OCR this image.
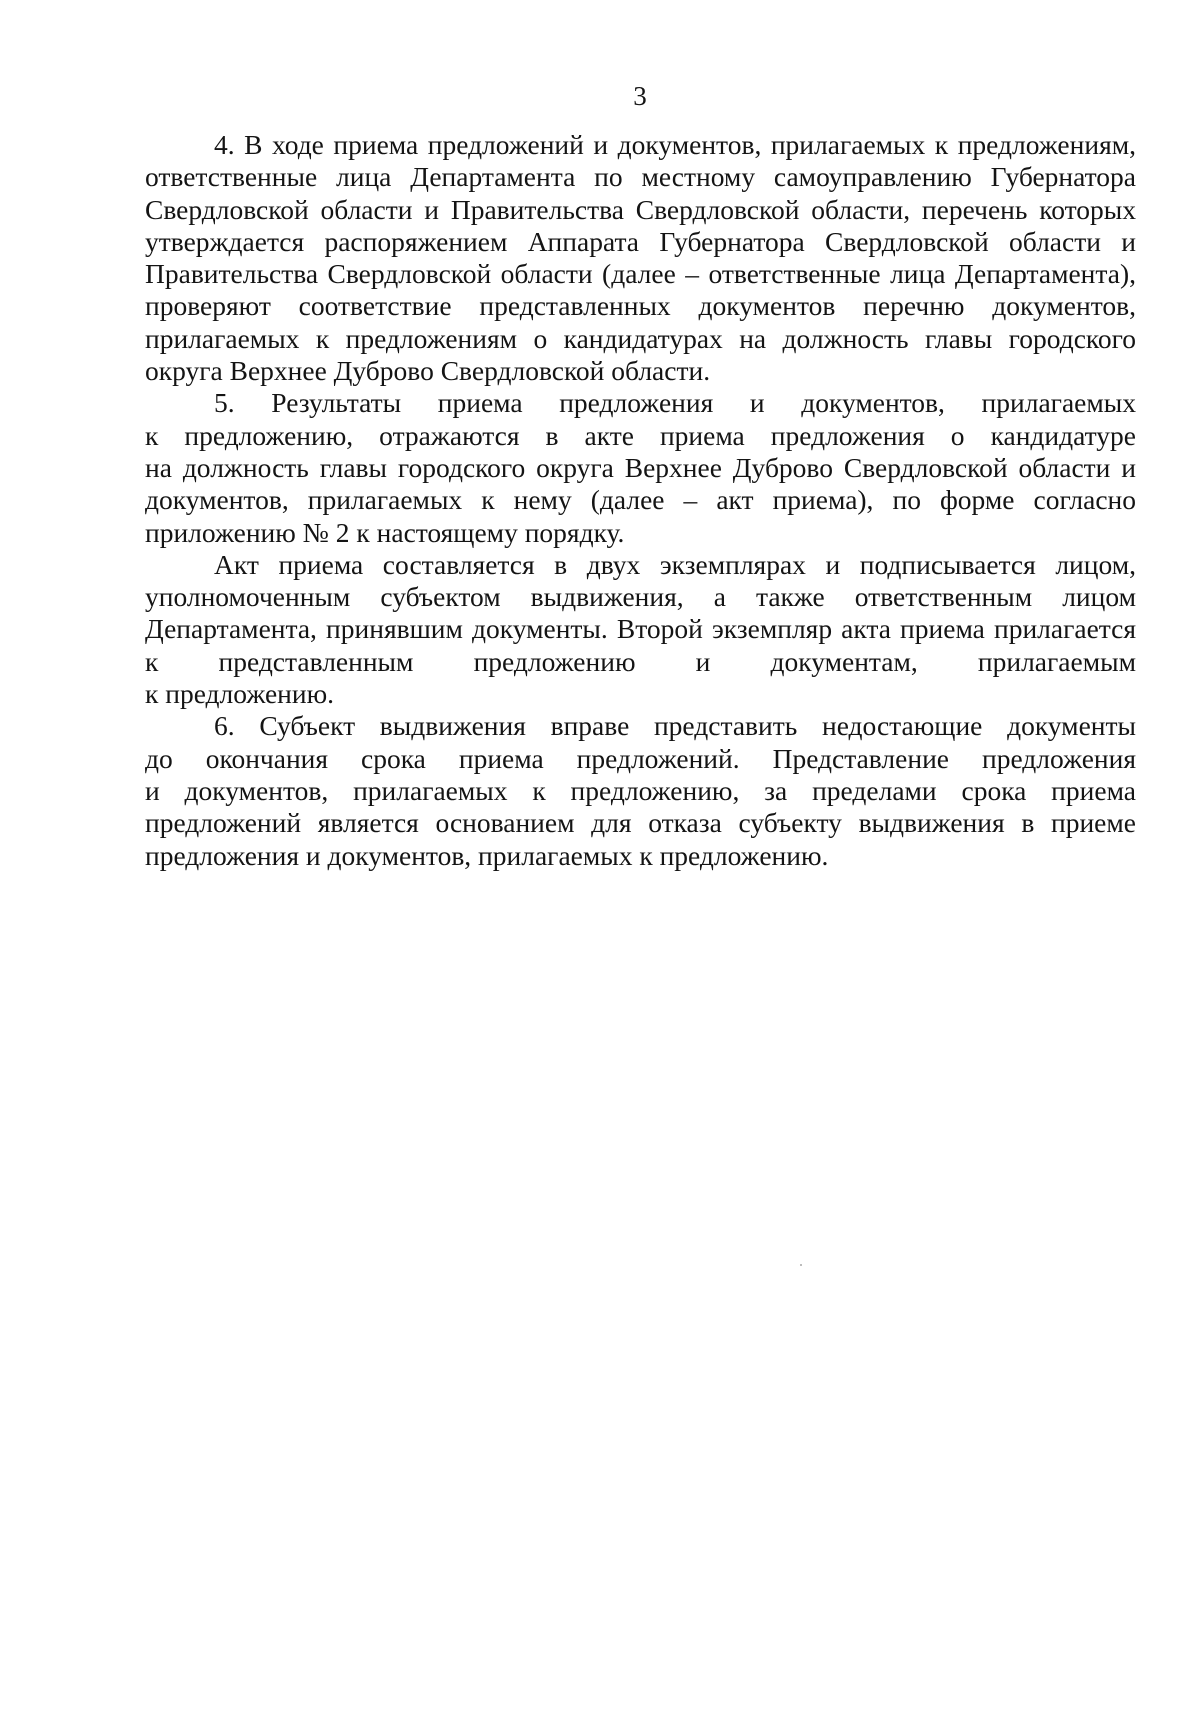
3

4. В ходе приема предложений и документов, прилагаемых к предложениям,
ответственные лица Департамента по местному самоуправлению Губернатора
Свердловской области и Правительства Свердловской области, перечень которых
утверждается распоряжением Аппарата Губернатора Свердловской области и
Правительства Свердловской области (далее – ответственные лица Департамента),
проверяют соответствие представленных документов перечню документов,
прилагаемых к предложениям о кандидатурах на должность главы городского
округа Верхнее Дуброво Свердловской области.

5. Результаты приема предложения и документов, прилагаемых
к предложению, отражаются в акте приема предложения о кандидатуре
на должность главы городского округа Верхнее Дуброво Свердловской области и
документов, прилагаемых к нему (далее – акт приема), по форме согласно
приложению № 2 к настоящему порядку.

Акт приема составляется в двух экземплярах и подписывается лицом,
уполномоченным субъектом выдвижения, а также ответственным лицом
Департамента, принявшим документы. Второй экземпляр акта приема прилагается
к представленным предложению и документам, прилагаемым
к предложению.

6. Субъект выдвижения вправе представить недостающие документы
до окончания срока приема предложений. Представление предложения
и документов, прилагаемых к предложению, за пределами срока приема
предложений является основанием для отказа субъекту выдвижения в приеме
предложения и документов, прилагаемых к предложению.
